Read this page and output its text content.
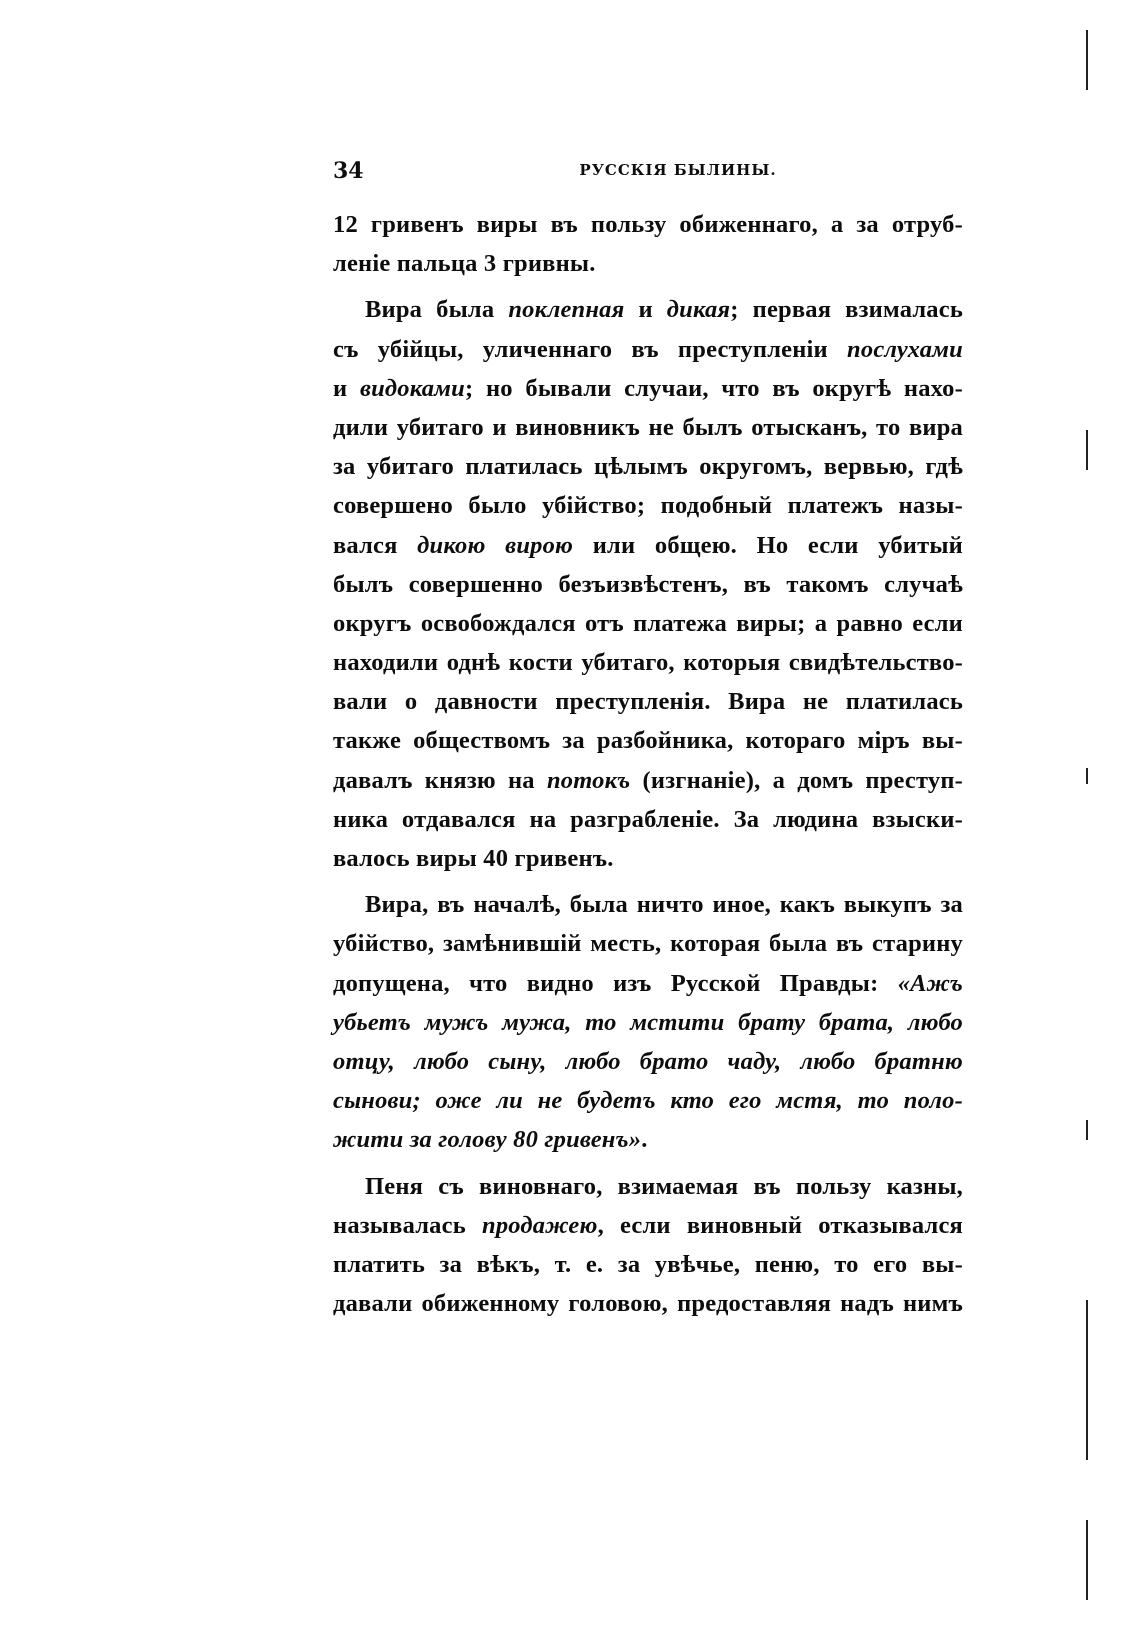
34	РУССКІЯ БЫЛИНЫ.
12 гривенъ виры въ пользу обиженнаго, а за отруб-
леніе пальца 3 гривны.
Вира была поклепная и дикая; первая взималась
съ убійцы, уличеннаго въ преступленіи послухами
и видоками; но бывали случаи, что въ округѣ нахо-
дили убитаго и виновникъ не былъ отысканъ, то вира
за убитаго платилась цѣлымъ округомъ, вервью, гдѣ
совершено было убійство; подобный платежъ назы-
вался дикою вирою или общею. Но если убитый
былъ совершенно безъизвѣстенъ, въ такомъ случаѣ
округъ освобождался отъ платежа виры; а равно если
находили однѣ кости убитаго, которыя свидѣтельство-
вали о давности преступленія. Вира не платилась
также обществомъ за разбойника, котораго міръ вы-
давалъ князю на потокъ (изгнаніе), а домъ преступ-
ника отдавался на разграбленіе. За людина взыски-
валось виры 40 гривенъ.
Вира, въ началѣ, была ничто иное, какъ выкупъ за
убійство, замѣнившій месть, которая была въ старину
допущена, что видно изъ Русской Правды: «Ажъ
убьетъ мужъ мужа, то мстити брату брата, любо
отцу, любо сыну, любо брато чаду, любо братню
сынови; оже ли не будетъ кто его мстя, то поло-
жити за голову 80 гривенъ».
Пеня съ виновнаго, взимаемая въ пользу казны,
называлась продажею, если виновный отказывался
платить за вѣкъ, т. е. за увѣчье, пеню, то его вы-
давали обиженному головою, предоставляя надъ нимъ
